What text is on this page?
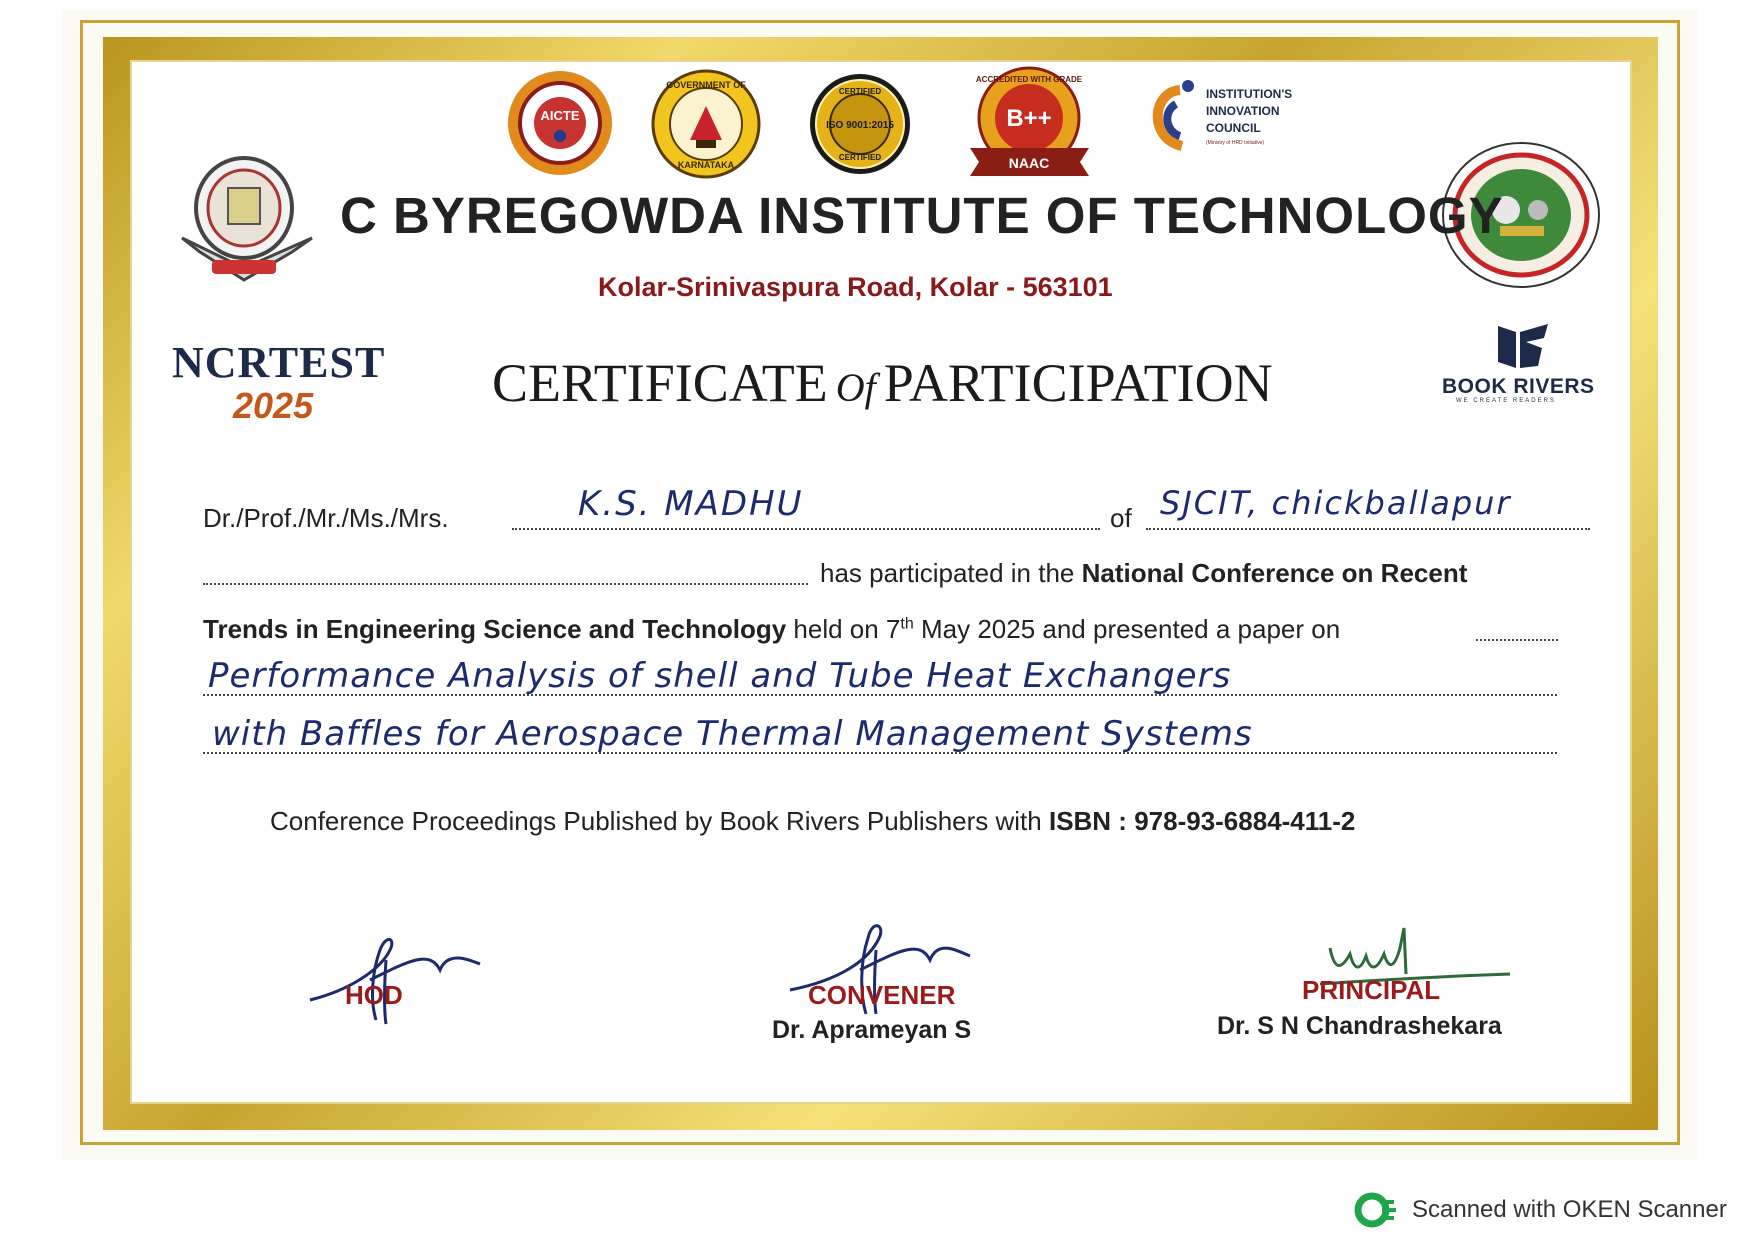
AICTE
GOVERNMENT OF
KARNATAKA
CERTIFIED
ISO 9001:2015
CERTIFIED
ACCREDITED WITH GRADE
B++
NAAC
INSTITUTION'S
INNOVATION
COUNCIL
(Ministry of HRD Initiative)
C BYREGOWDA INSTITUTE OF TECHNOLOGY
Kolar-Srinivaspura Road, Kolar - 563101
NCRTEST
2025	CERTIFICATE Of PARTICIPATION	BOOK RIVERS
WE CREATE READERS
Dr./Prof./Mr./Ms./Mrs.	K.S. MADHU	of SJCIT, chickballapur
has participated in the National Conference on Recent
Trends in Engineering Science and Technology held on 7th May 2025 and presented a paper on
Performance Analysis of shell and Tube Heat Exchangers
with Baffles for Aerospace Thermal Management Systems
Conference Proceedings Published by Book Rivers Publishers with ISBN : 978-93-6884-411-2
HOD	CONVENER
Dr. Aprameyan S
PRINCIPAL
Dr. S N Chandrashekara
Scanned with OKEN Scanner
